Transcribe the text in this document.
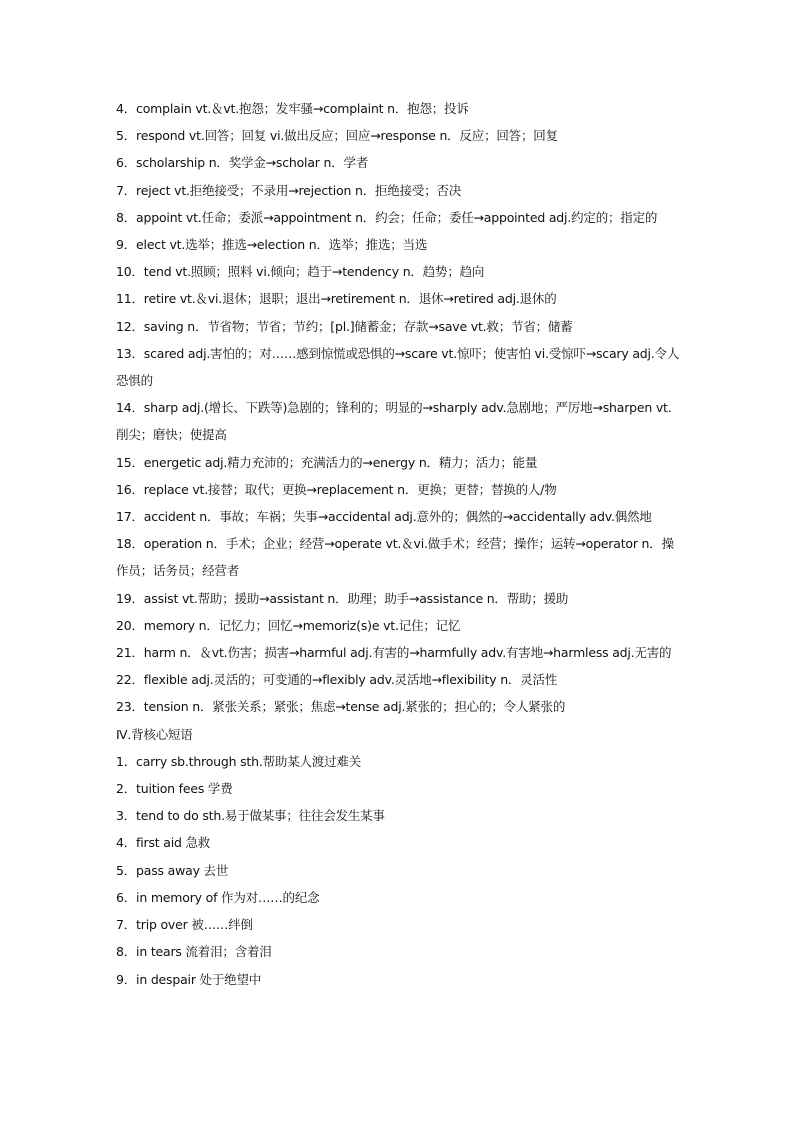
4．complain vt.＆vt.抱怨；发牢骚→complaint n．抱怨；投诉

5．respond vt.回答；回复 vi.做出反应；回应→response n．反应；回答；回复

6．scholarship n．奖学金→scholar n．学者

7．reject vt.拒绝接受；不录用→rejection n．拒绝接受；否决

8．appoint vt.任命；委派→appointment n．约会；任命；委任→appointed adj.约定的；指定的

9．elect vt.选举；推选→election n．选举；推选；当选

10．tend vt.照顾；照料 vi.倾向；趋于→tendency n．趋势；趋向

11．retire vt.＆vi.退休；退职；退出→retirement n．退休→retired adj.退休的

12．saving n．节省物；节省；节约；[pl.]储蓄金；存款→save vt.救；节省；储蓄

13．scared adj.害怕的；对……感到惊慌或恐惧的→scare vt.惊吓；使害怕 vi.受惊吓→scary adj.令人恐惧的

14．sharp adj.(增长、下跌等)急剧的；锋利的；明显的→sharply adv.急剧地；严厉地→sharpen vt.削尖；磨快；使提高

15．energetic adj.精力充沛的；充满活力的→energy n．精力；活力；能量

16．replace vt.接替；取代；更换→replacement n．更换；更替；替换的人/物

17．accident n．事故；车祸；失事→accidental adj.意外的；偶然的→accidentally adv.偶然地

18．operation n．手术；企业；经营→operate vt.＆vi.做手术；经营；操作；运转→operator n．操作员；话务员；经营者

19．assist vt.帮助；援助→assistant n．助理；助手→assistance n．帮助；援助

20．memory n．记忆力；回忆→memoriz(s)e vt.记住；记忆

21．harm n．＆vt.伤害；损害→harmful adj.有害的→harmfully adv.有害地→harmless adj.无害的

22．flexible adj.灵活的；可变通的→flexibly adv.灵活地→flexibility n．灵活性

23．tension n．紧张关系；紧张；焦虑→tense adj.紧张的；担心的；令人紧张的

Ⅳ.背核心短语

1．carry sb.through sth.帮助某人渡过难关

2．tuition fees 学费

3．tend to do sth.易于做某事；往往会发生某事

4．first aid 急救

5．pass away 去世

6．in memory of 作为对……的纪念

7．trip over 被……绊倒

8．in tears 流着泪；含着泪

9．in despair 处于绝望中
